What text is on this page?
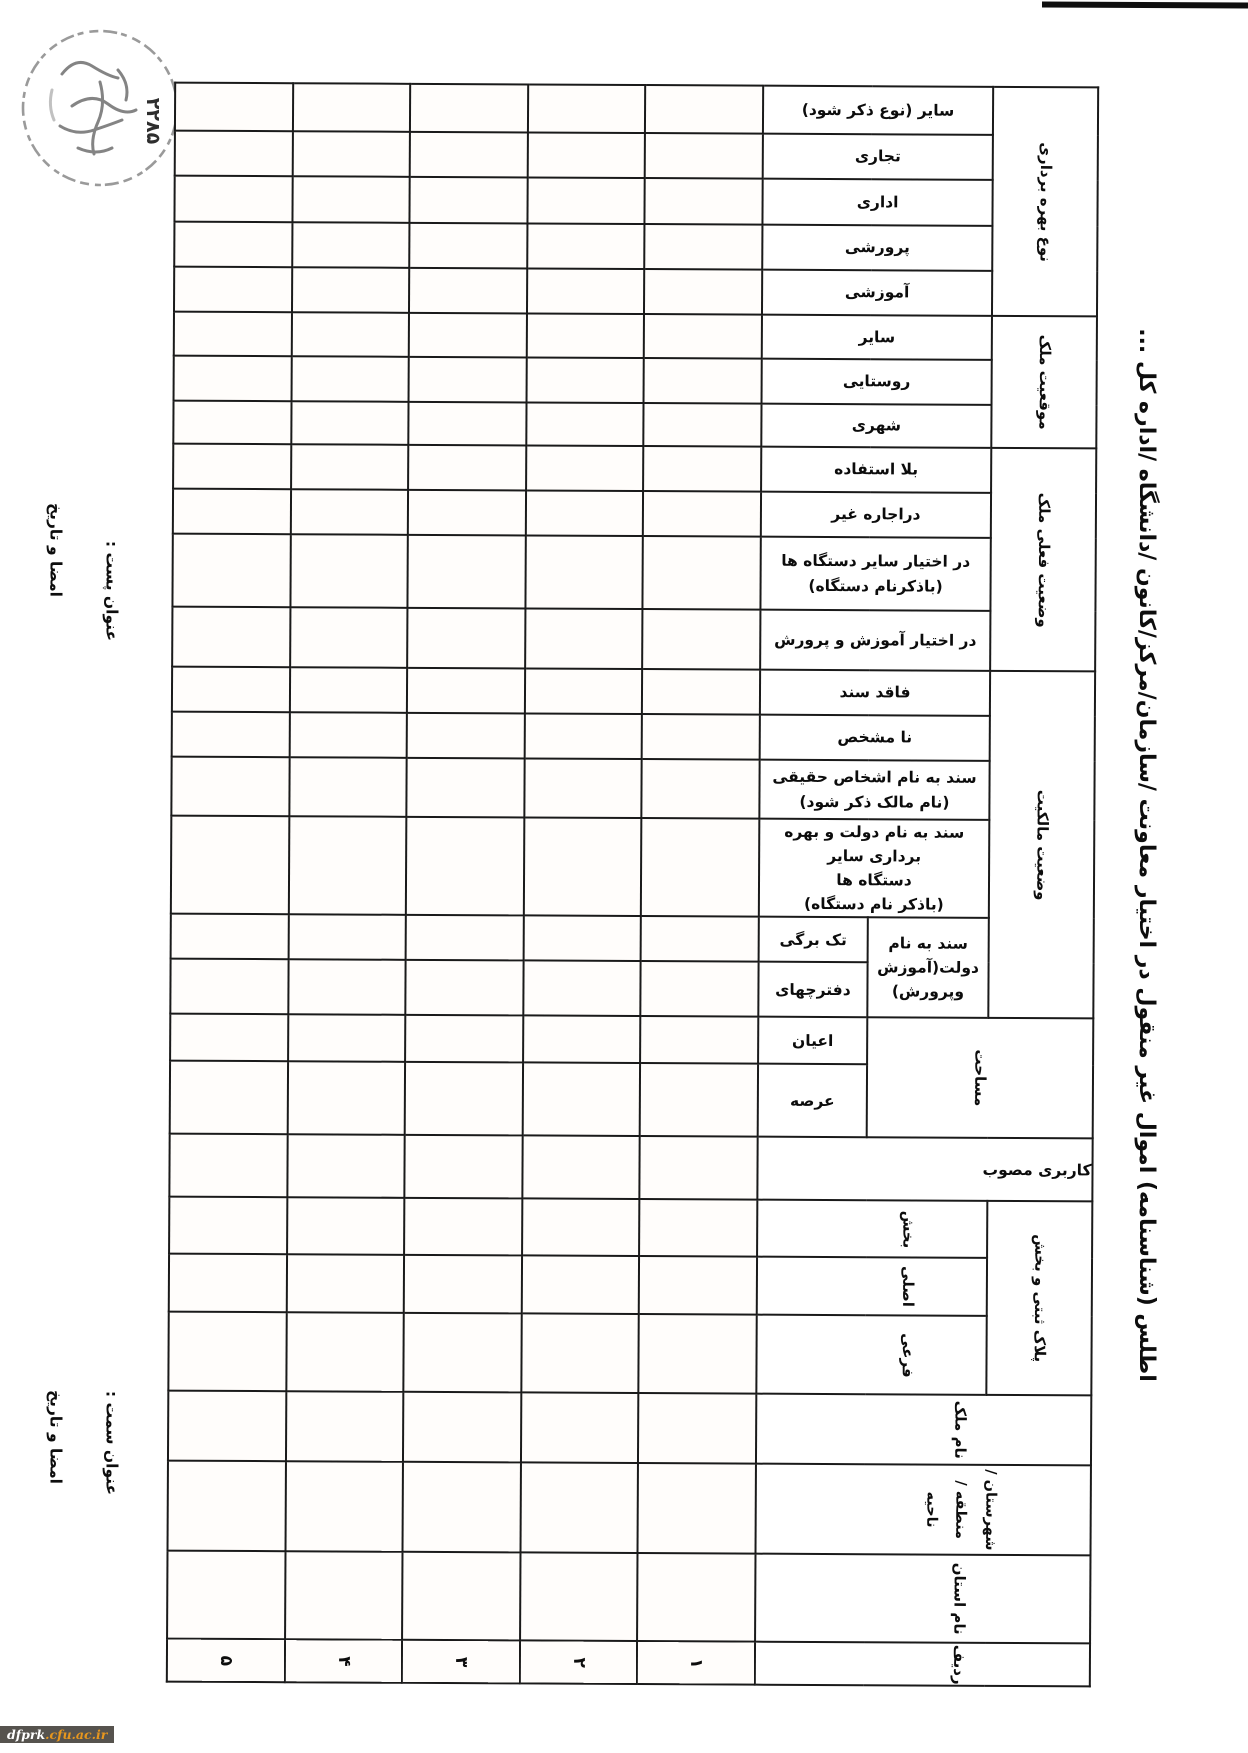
۲۲۸۵
اطلس (شناسنامه) اموال غیر منقول در اختیار معاونت /سازمان/مرکز/کانون /دانشگاه /اداره کل ...
عنوان پست :
امضا و تاریخ
عنوان سمت :
امضا و تاریخ
					سایر (نوع ذکر شود)		نوع بهره برداری

					تجاری		
					اداری		
					پرورشی		
					آموزشی		
					سایر		موقعیت ملک

					روستایی		
					شهری		
					بلا استفاده		وضعیت فعلی ملک

					دراجاره غیر		
					در اختیار سایر دستگاه ها
(باذکرنام دستگاه)		
					در اختیار آموزش و پرورش		
					فاقد سند		وضعیت مالکیت

					نا مشخص		
					سند به نام اشخاص حقیقی
(نام مالک ذکر شود)		
					سند به نام دولت و بهره برداری سایر
دستگاه ها
(باذکر نام دستگاه)		
					تک برگی	سند به نام
دولت(آموزش
وپرورش)	
					دفترچهای		
					اعیان	مساحت	

					عرصه		
					کاربری مصوب		

					بخش		پلاک ثبتی و بخش

					اصلی		

					فرعی		

					نام ملک		

					شهرستان /
منطقه /
ناحیه		

					نام استان		

۵	۴	۳	۲	۱	ردیف		
dfprk .cfu.ac.ir
